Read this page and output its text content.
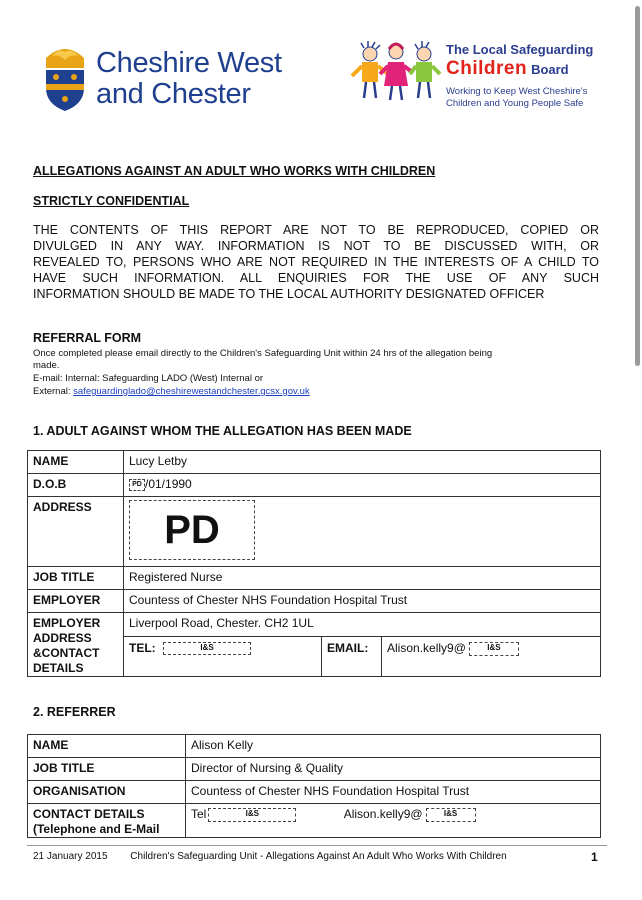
Cheshire West
and Chester
The Local Safeguarding
Children Board
Working to Keep West Cheshire's
Children and Young People Safe
ALLEGATIONS AGAINST AN ADULT WHO WORKS WITH CHILDREN
STRICTLY CONFIDENTIAL
THE CONTENTS OF THIS REPORT ARE NOT TO BE REPRODUCED, COPIED OR
DIVULGED IN ANY WAY. INFORMATION IS NOT TO BE DISCUSSED WITH, OR
REVEALED TO, PERSONS WHO ARE NOT REQUIRED IN THE INTERESTS OF A CHILD TO
HAVE SUCH INFORMATION. ALL ENQUIRIES FOR THE USE OF ANY SUCH
INFORMATION SHOULD BE MADE TO THE LOCAL AUTHORITY DESIGNATED OFFICER
REFERRAL FORM
Once completed please email directly to the Children's Safeguarding Unit within 24 hrs of the allegation being
made.
E-mail: Internal: Safeguarding LADO (West) Internal or
External: safeguardinglado@cheshirewestandchester.gcsx.gov.uk
1. ADULT AGAINST WHOM THE ALLEGATION HAS BEEN MADE
NAME	Lucy Letby		
D.O.B	PD /01/1990		
ADDRESS	PD		
JOB TITLE	Registered Nurse		
EMPLOYER	Countess of Chester NHS Foundation Hospital Trust		

EMPLOYER
ADDRESS
&CONTACT
DETAILS	Liverpool Road, Chester. CH2 1UL		
	TEL: I&S	EMAIL:	Alison.kelly9@ I&S
2. REFERRER
NAME	Alison Kelly
JOB TITLE	Director of Nursing & Quality
ORGANISATION	Countess of Chester NHS Foundation Hospital Trust

CONTACT DETAILS
(Telephone and E-Mail	Tel I&S Alison.kelly9@ I&S
21 January 2015 Children's Safeguarding Unit - Allegations Against An Adult Who Works With Children	1
